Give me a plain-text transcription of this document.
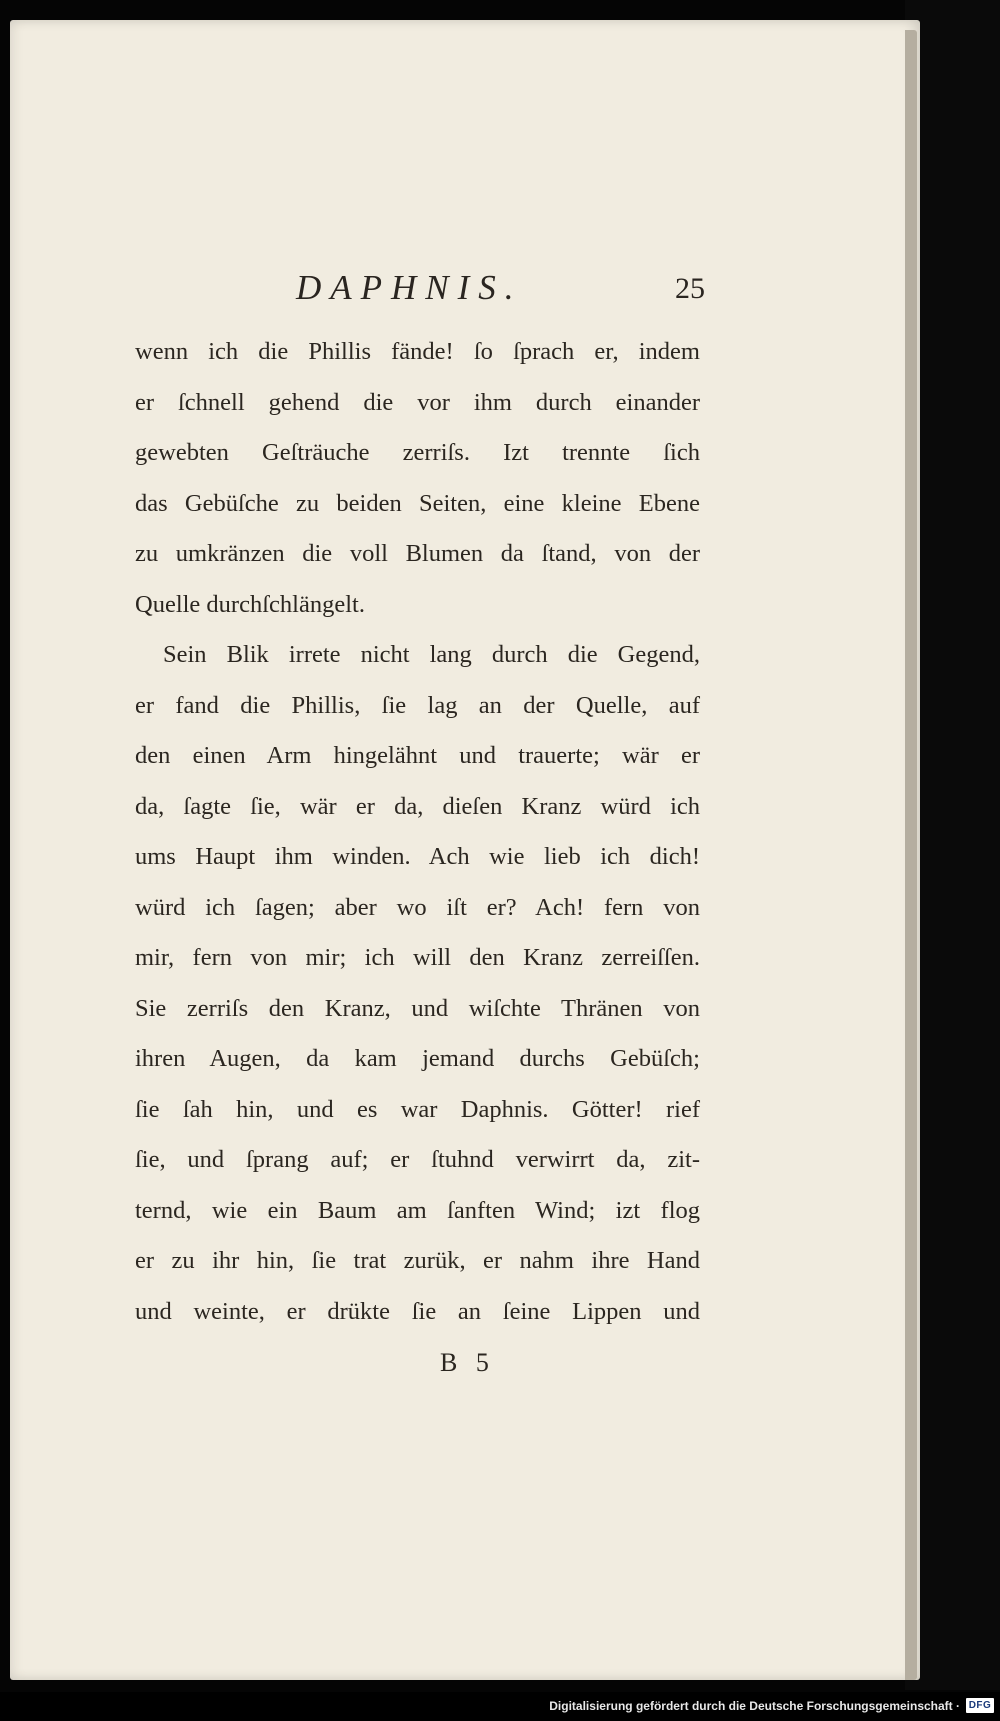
DAPHNIS.	25
wenn ich die Phillis fände! ſo ſprach er, indem
er ſchnell gehend die vor ihm durch einander
gewebten Geſträuche zerriſs. Izt trennte ſich
das Gebüſche zu beiden Seiten, eine kleine Ebene
zu umkränzen die voll Blumen da ſtand, von der
Quelle durchſchlängelt.
Sein Blik irrete nicht lang durch die Gegend,
er fand die Phillis, ſie lag an der Quelle, auf
den einen Arm hingelähnt und trauerte; wär er
da, ſagte ſie, wär er da, dieſen Kranz würd ich
ums Haupt ihm winden. Ach wie lieb ich dich!
würd ich ſagen; aber wo iſt er? Ach! fern von
mir, fern von mir; ich will den Kranz zerreiſſen.
Sie zerriſs den Kranz, und wiſchte Thränen von
ihren Augen, da kam jemand durchs Gebüſch;
ſie ſah hin, und es war Daphnis. Götter! rief
ſie, und ſprang auf; er ſtuhnd verwirrt da, zit-
ternd, wie ein Baum am ſanften Wind; izt flog
er zu ihr hin, ſie trat zurük, er nahm ihre Hand
und weinte, er drükte ſie an ſeine Lippen und
B 5
Digitalisierung gefördert durch die Deutsche Forschungsgemeinschaft · DFG
